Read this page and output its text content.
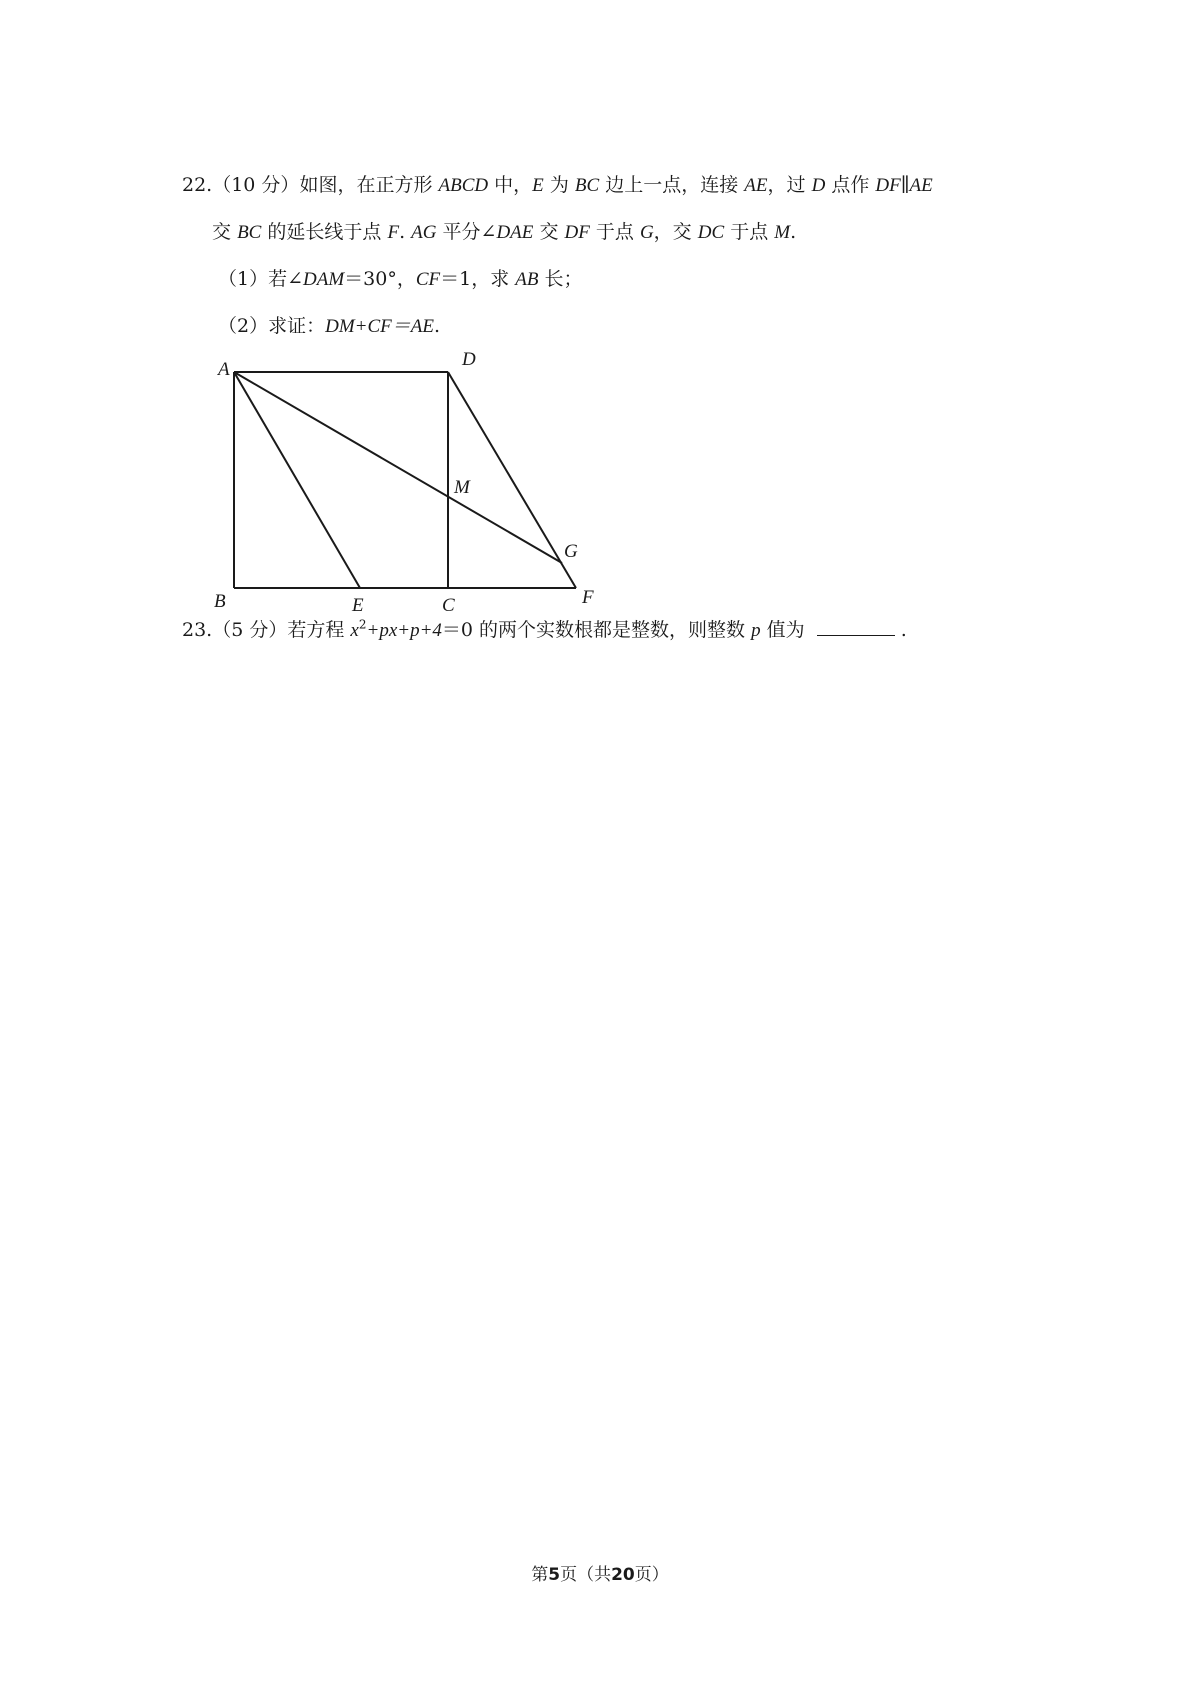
22.（10 分）如图，在正方形 ABCD 中，E 为 BC 边上一点，连接 AE，过 D 点作 DF∥AE
交 BC 的延长线于点 F. AG 平分∠DAE 交 DF 于点 G，交 DC 于点 M.
（1）若∠DAM＝30°，CF＝1，求 AB 长；
（2）求证：DM+CF＝AE.
A	D
M
G
B	E	C	F
23.（5 分）若方程 $x^2+px+p+4=0$ 的两个实数根都是整数，则整数 p 值为	.
第5页（共20页）
